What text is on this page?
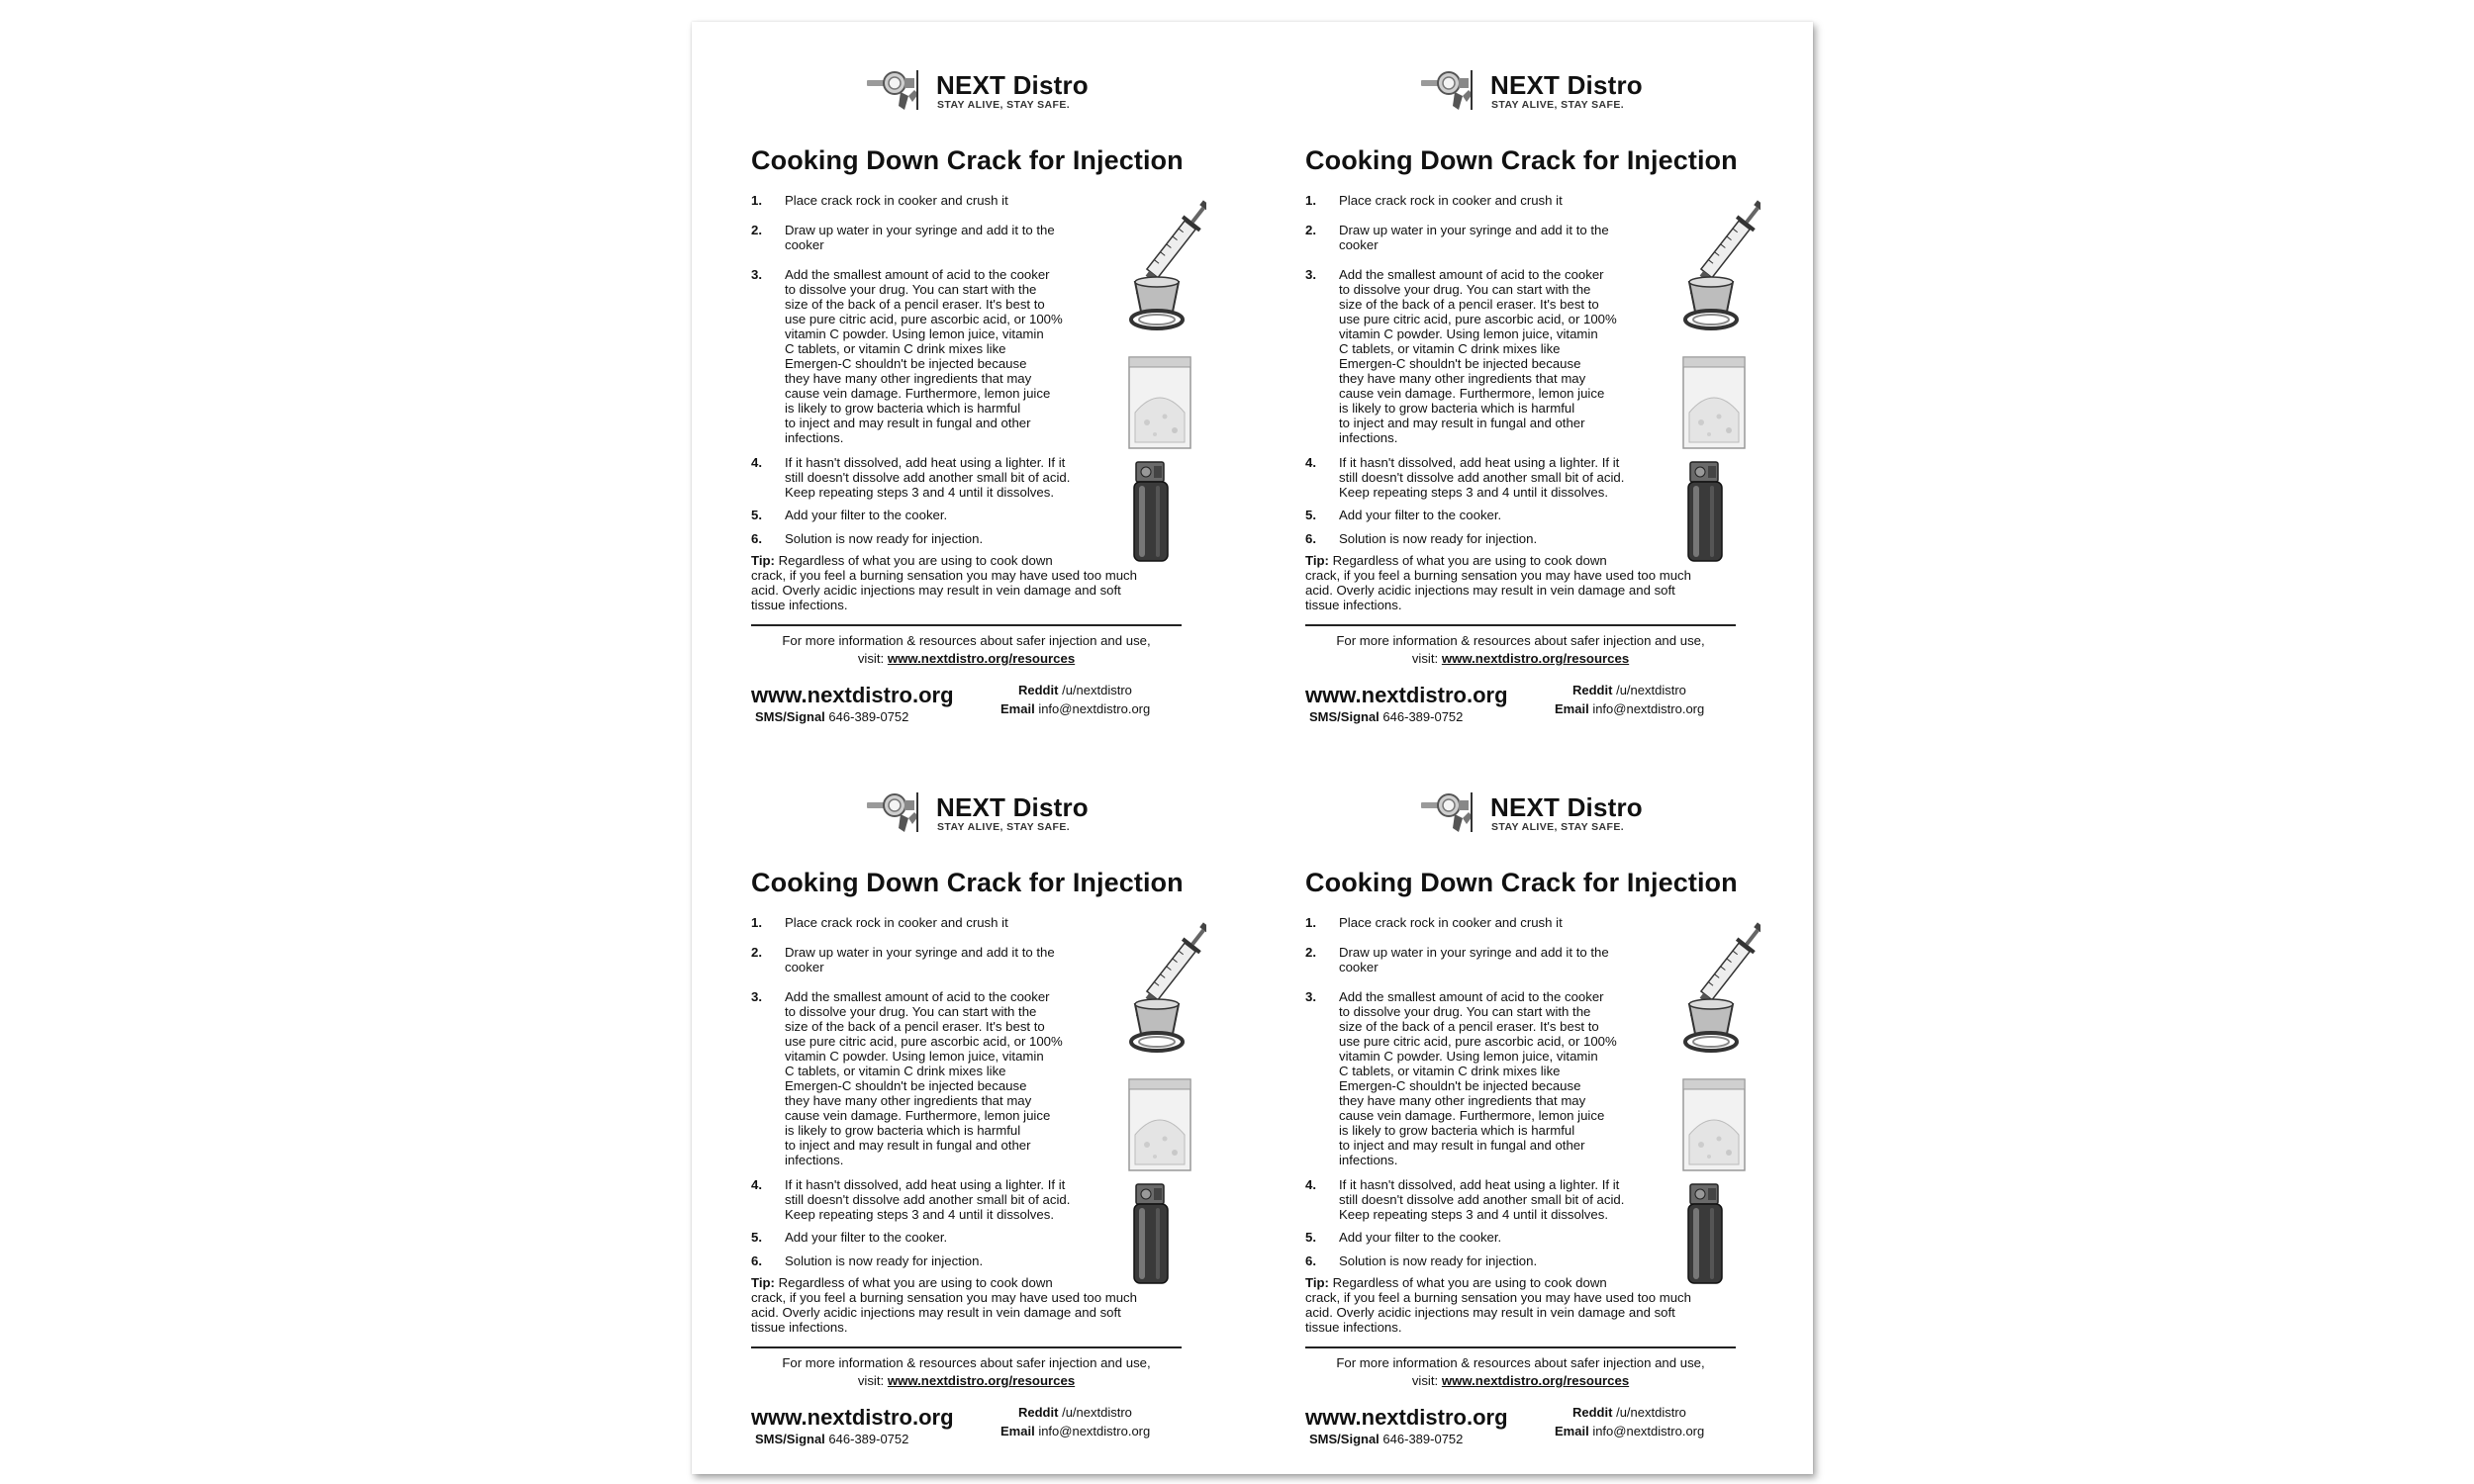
NEXT Distro
STAY ALIVE, STAY SAFE.
Cooking Down Crack for Injection
1. Place crack rock in cooker and crush it
2. Draw up water in your syringe and add it to the
cooker
3. Add the smallest amount of acid to the cooker
to dissolve your drug. You can start with the
size of the back of a pencil eraser. It's best to
use pure citric acid, pure ascorbic acid, or 100%
vitamin C powder. Using lemon juice, vitamin
C tablets, or vitamin C drink mixes like
Emergen-C shouldn't be injected because
they have many other ingredients that may
cause vein damage. Furthermore, lemon juice
is likely to grow bacteria which is harmful
to inject and may result in fungal and other
infections.
4. If it hasn't dissolved, add heat using a lighter. If it
still doesn't dissolve add another small bit of acid.
Keep repeating steps 3 and 4 until it dissolves.
5. Add your filter to the cooker.
6. Solution is now ready for injection.
Tip: Regardless of what you are using to cook down
crack, if you feel a burning sensation you may have used too much
acid. Overly acidic injections may result in vein damage and soft
tissue infections.
For more information & resources about safer injection and use,
visit: www.nextdistro.org/resources
www.nextdistro.org
SMS/Signal 646-389-0752
Reddit /u/nextdistro
Email info@nextdistro.org
NEXT Distro
STAY ALIVE, STAY SAFE.
Cooking Down Crack for Injection
1. Place crack rock in cooker and crush it
2. Draw up water in your syringe and add it to the
cooker
3. Add the smallest amount of acid to the cooker
to dissolve your drug. You can start with the
size of the back of a pencil eraser. It's best to
use pure citric acid, pure ascorbic acid, or 100%
vitamin C powder. Using lemon juice, vitamin
C tablets, or vitamin C drink mixes like
Emergen-C shouldn't be injected because
they have many other ingredients that may
cause vein damage. Furthermore, lemon juice
is likely to grow bacteria which is harmful
to inject and may result in fungal and other
infections.
4. If it hasn't dissolved, add heat using a lighter. If it
still doesn't dissolve add another small bit of acid.
Keep repeating steps 3 and 4 until it dissolves.
5. Add your filter to the cooker.
6. Solution is now ready for injection.
Tip: Regardless of what you are using to cook down
crack, if you feel a burning sensation you may have used too much
acid. Overly acidic injections may result in vein damage and soft
tissue infections.
For more information & resources about safer injection and use,
visit: www.nextdistro.org/resources
www.nextdistro.org
SMS/Signal 646-389-0752
Reddit /u/nextdistro
Email info@nextdistro.org
NEXT Distro
STAY ALIVE, STAY SAFE.
Cooking Down Crack for Injection
1. Place crack rock in cooker and crush it
2. Draw up water in your syringe and add it to the
cooker
3. Add the smallest amount of acid to the cooker
to dissolve your drug. You can start with the
size of the back of a pencil eraser. It's best to
use pure citric acid, pure ascorbic acid, or 100%
vitamin C powder. Using lemon juice, vitamin
C tablets, or vitamin C drink mixes like
Emergen-C shouldn't be injected because
they have many other ingredients that may
cause vein damage. Furthermore, lemon juice
is likely to grow bacteria which is harmful
to inject and may result in fungal and other
infections.
4. If it hasn't dissolved, add heat using a lighter. If it
still doesn't dissolve add another small bit of acid.
Keep repeating steps 3 and 4 until it dissolves.
5. Add your filter to the cooker.
6. Solution is now ready for injection.
Tip: Regardless of what you are using to cook down
crack, if you feel a burning sensation you may have used too much
acid. Overly acidic injections may result in vein damage and soft
tissue infections.
For more information & resources about safer injection and use,
visit: www.nextdistro.org/resources
www.nextdistro.org
SMS/Signal 646-389-0752
Reddit /u/nextdistro
Email info@nextdistro.org
NEXT Distro
STAY ALIVE, STAY SAFE.
Cooking Down Crack for Injection
1. Place crack rock in cooker and crush it
2. Draw up water in your syringe and add it to the
cooker
3. Add the smallest amount of acid to the cooker
to dissolve your drug. You can start with the
size of the back of a pencil eraser. It's best to
use pure citric acid, pure ascorbic acid, or 100%
vitamin C powder. Using lemon juice, vitamin
C tablets, or vitamin C drink mixes like
Emergen-C shouldn't be injected because
they have many other ingredients that may
cause vein damage. Furthermore, lemon juice
is likely to grow bacteria which is harmful
to inject and may result in fungal and other
infections.
4. If it hasn't dissolved, add heat using a lighter. If it
still doesn't dissolve add another small bit of acid.
Keep repeating steps 3 and 4 until it dissolves.
5. Add your filter to the cooker.
6. Solution is now ready for injection.
Tip: Regardless of what you are using to cook down
crack, if you feel a burning sensation you may have used too much
acid. Overly acidic injections may result in vein damage and soft
tissue infections.
For more information & resources about safer injection and use,
visit: www.nextdistro.org/resources
www.nextdistro.org
SMS/Signal 646-389-0752
Reddit /u/nextdistro
Email info@nextdistro.org
